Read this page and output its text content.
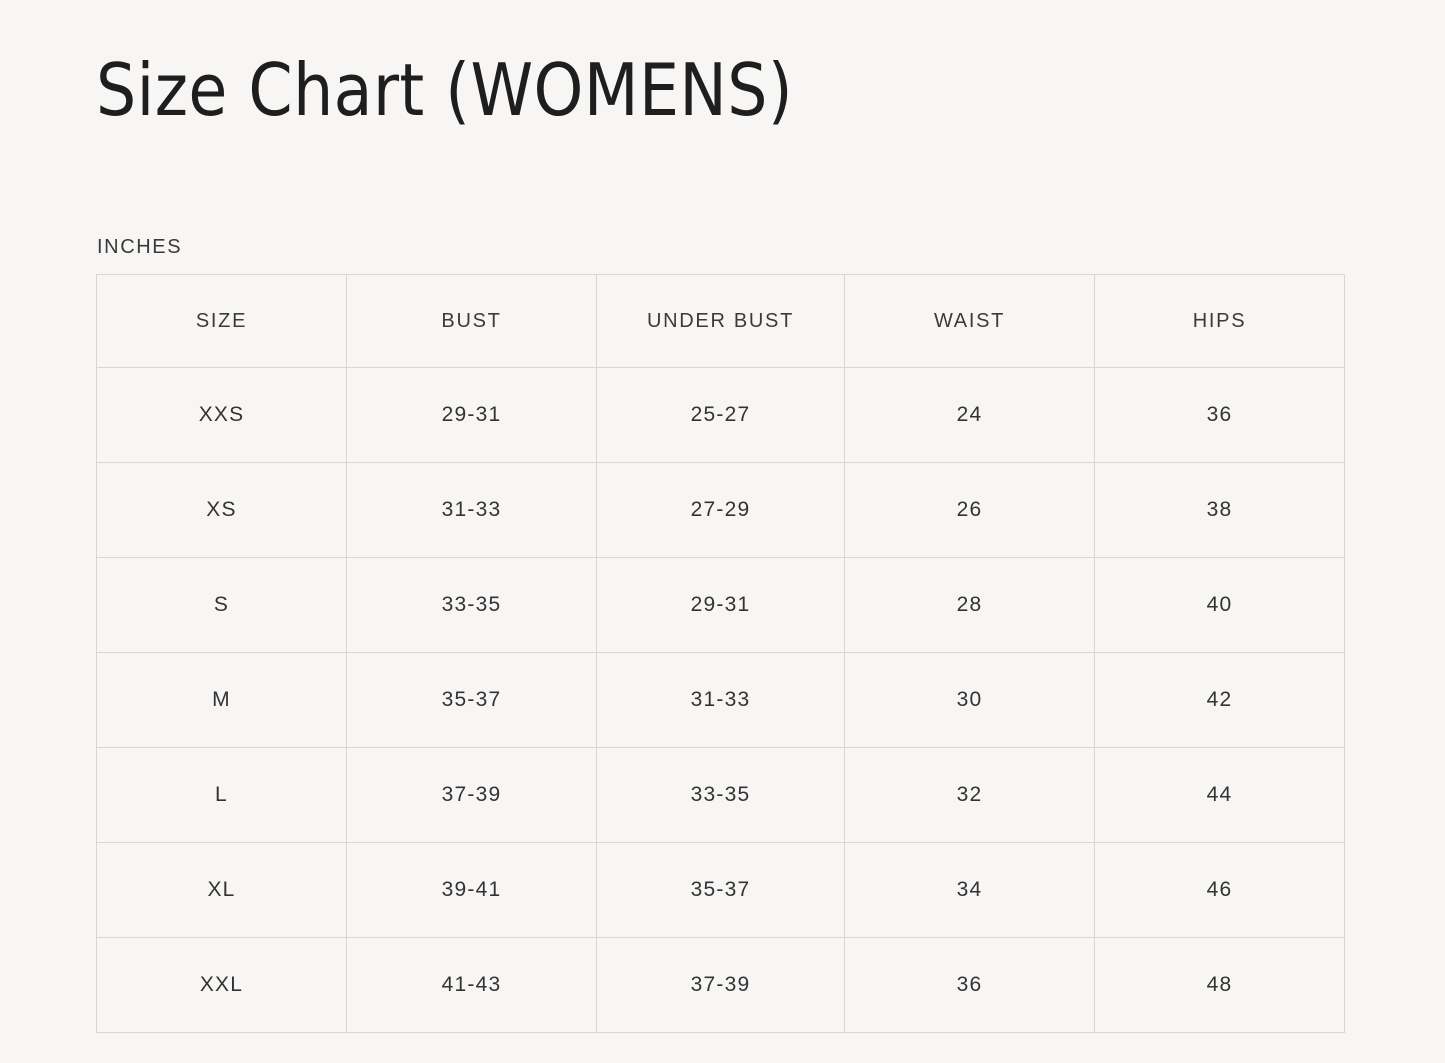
Size Chart (WOMENS)
INCHES
SIZE	BUST	UNDER BUST	WAIST	HIPS
XXS	29-31	25-27	24	36
XS	31-33	27-29	26	38
S	33-35	29-31	28	40
M	35-37	31-33	30	42
L	37-39	33-35	32	44
XL	39-41	35-37	34	46
XXL	41-43	37-39	36	48
